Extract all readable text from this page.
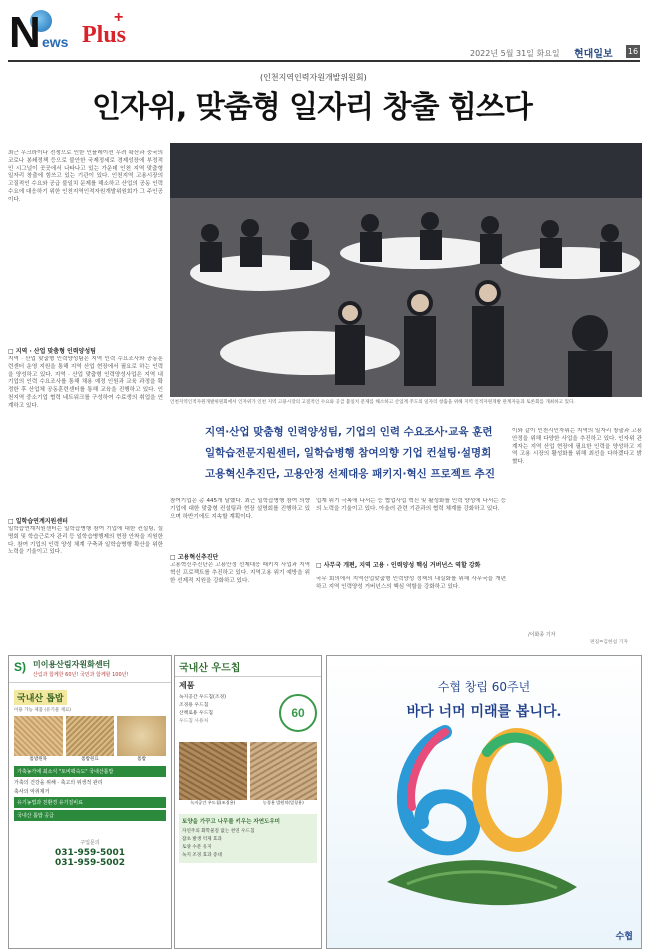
N ews Plus
+
2022년 5월 31일 화요일 현대일보 16
(인천지역인력자원개발위원회)
인자위, 맞춤형 일자리 창출 힘쓰다
최근 우크라이나 전쟁으로 인한 인플레이션 우려 확산과 중국의 코로나 봉쇄정책 등으로 불안한 국제정세로 경제성장에 부정적인 시그널이 곳곳에서 나타나고 있는 가운데 인천 지역 맞춤형 일자리 창출에 힘쓰고 있는 기관이 있다. 인천지역 고용시장의 고질적인 수요와 공급 불일치 문제를 해소하고 산업의 공동 인력 수요에 대응하기 위한 인천지역인적자원개발위원회가 그 주인공이다.
□ 지역 · 산업 맞춤형 인력양성팀
지역 · 산업 맞춤형 인력양성팀은 지역 인력 수요조사와 공동훈련센터 운영 지원을 통해 지역 산업 현장에서 필요로 하는 인력을 양성하고 있다. 지역 · 산업 맞춤형 인력양성사업은 지역 내 기업의 인력 수요조사를 통해 채용 예정 인원과 교육 과정을 확정한 후 산업체 공동훈련센터를 통해 교육을 진행하고 있다. 인천지역 중소기업 협력 네트워크를 구성하여 수료생의 취업을 연계하고 있다.
□ 일학습연계지원센터
일학습연계지원센터는 일학습병행 참여 기업에 대한 컨설팅, 설명회 및 학습근로자 관리 등 일학습병행제의 현장 안착을 지원한다. 참여 기업의 인력 양성 체계 구축과 일학습병행 확산을 위한 노력을 기울이고 있다.
인천지역인적자원개발위원회에서 인자위가 인천 지역 고용시장의 고질적인 수요와 공급 불일치 문제를 해소하고 산업계 주도의 일자리 창출을 위해 지역 인적자원개발 관계자들과 토론회를 개최하고 있다.
지역·산업 맞춤형 인력양성팀, 기업의 인력 수요조사·교육 훈련
일학습전문지원센터, 일학습병행 참여의향 기업 컨설팅·설명회
고용혁신추진단, 고용안정 선제대응 패키지·혁신 프로젝트 추진
참여기업은 총 445개 달했다. 최근 일학습병행 참여 의향 기업에 대한 맞춤형 컨설팅과 현장 설명회를 진행하고 있으며 하반기에도 지속할 계획이다.
□ 고용혁신추진단
고용혁신추진단은 고용안정 선제대응 패키지 사업과 지역혁신 프로젝트를 추진하고 있다. 지역고용 위기 예방을 위한 선제적 지원을 강화하고 있다.
업계 위기 극복에 나서는 등 협업사업 혁신 및 활성화를 인력 양성에 나서는 등의 노력을 기울이고 있다. 아울러 관련 기관과의 협력 체계를 강화하고 있다.
□ 사무국 개편, 지역 고용 · 인력양성 핵심 거버넌스 역할 강화
국무 회의에서 지역산업맞춤형 인력양성 정책의 내실화를 위해 사무국을 개편하고 지역 인력양성 거버넌스의 핵심 역할을 강화하고 있다.
이와 같이 인천시인자위는 지역의 일자리 창출과 고용 안정을 위해 다양한 사업을 추진하고 있다. 인자위 관계자는 지역 산업 현장에 필요한 인력을 양성하고 지역 고용 시장의 활성화를 위해 최선을 다하겠다고 밝혔다.
/이화종 기자
편집=김현섭 기자
S) 미이용산림자원화센터
산림과 함께한 60년! 국민과 함께할 100년!
국내산 톱밥
이용 가능 제품 (유기물 재료)
톱밥원목	톱밥원료	톱밥
가축농가에 최소식 "토비팩숙도" 국내산톱밥
가축의 건강을 위해 · 축고의 위생적 관리
축사의 악취제거
유기농법과 친환경 유기질비료
국내산 톱밥 공급
구입문의
031-959-5001
031-959-5002
국내산 우드칩
제품
녹지공간 우드칩(조경)
조경용 우드칩
산책로용 우드칩
우드칩 사용처
60
녹지공간 우드칩(조경용)	농경용 발원치(멀칭용)
토양을 가꾸고 나무를 키우는 자연도우미
자연주의 화학물질 없는 천연 우드칩
잡초 발생 억제 효과
토양 수분 유지
녹지 조경 효과 증대
수협 창립 60주년
바다 너머 미래를 봅니다.
수협
